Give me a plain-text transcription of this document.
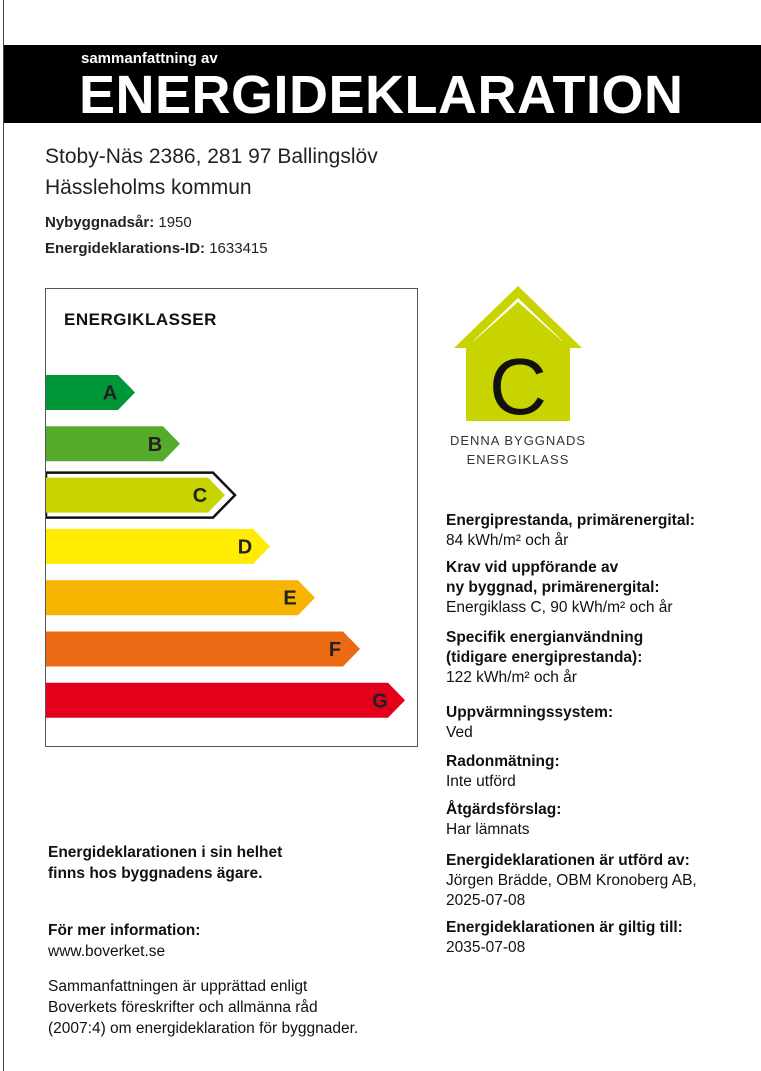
sammanfattning av
ENERGIDEKLARATION
Stoby-Näs 2386, 281 97 Ballingslöv
Hässleholms kommun
Nybyggnadsår: 1950
Energideklarations-ID: 1633415
ENERGIKLASSER
A
B
C
D
E
F
G
C
DENNA BYGGNADS
ENERGIKLASS
Energiprestanda, primärenergital:
84 kWh/m² och år
Krav vid uppförande av
ny byggnad, primärenergital:
Energiklass C, 90 kWh/m² och år
Specifik energianvändning
(tidigare energiprestanda):
122 kWh/m² och år
Uppvärmningssystem:
Ved
Radonmätning:
Inte utförd
Åtgärdsförslag:
Har lämnats
Energideklarationen är utförd av:
Jörgen Brädde, OBM Kronoberg AB,
2025-07-08
Energideklarationen är giltig till:
2035-07-08
Energideklarationen i sin helhet
finns hos byggnadens ägare.
För mer information:
www.boverket.se
Sammanfattningen är upprättad enligt
Boverkets föreskrifter och allmänna råd
(2007:4) om energideklaration för byggnader.
